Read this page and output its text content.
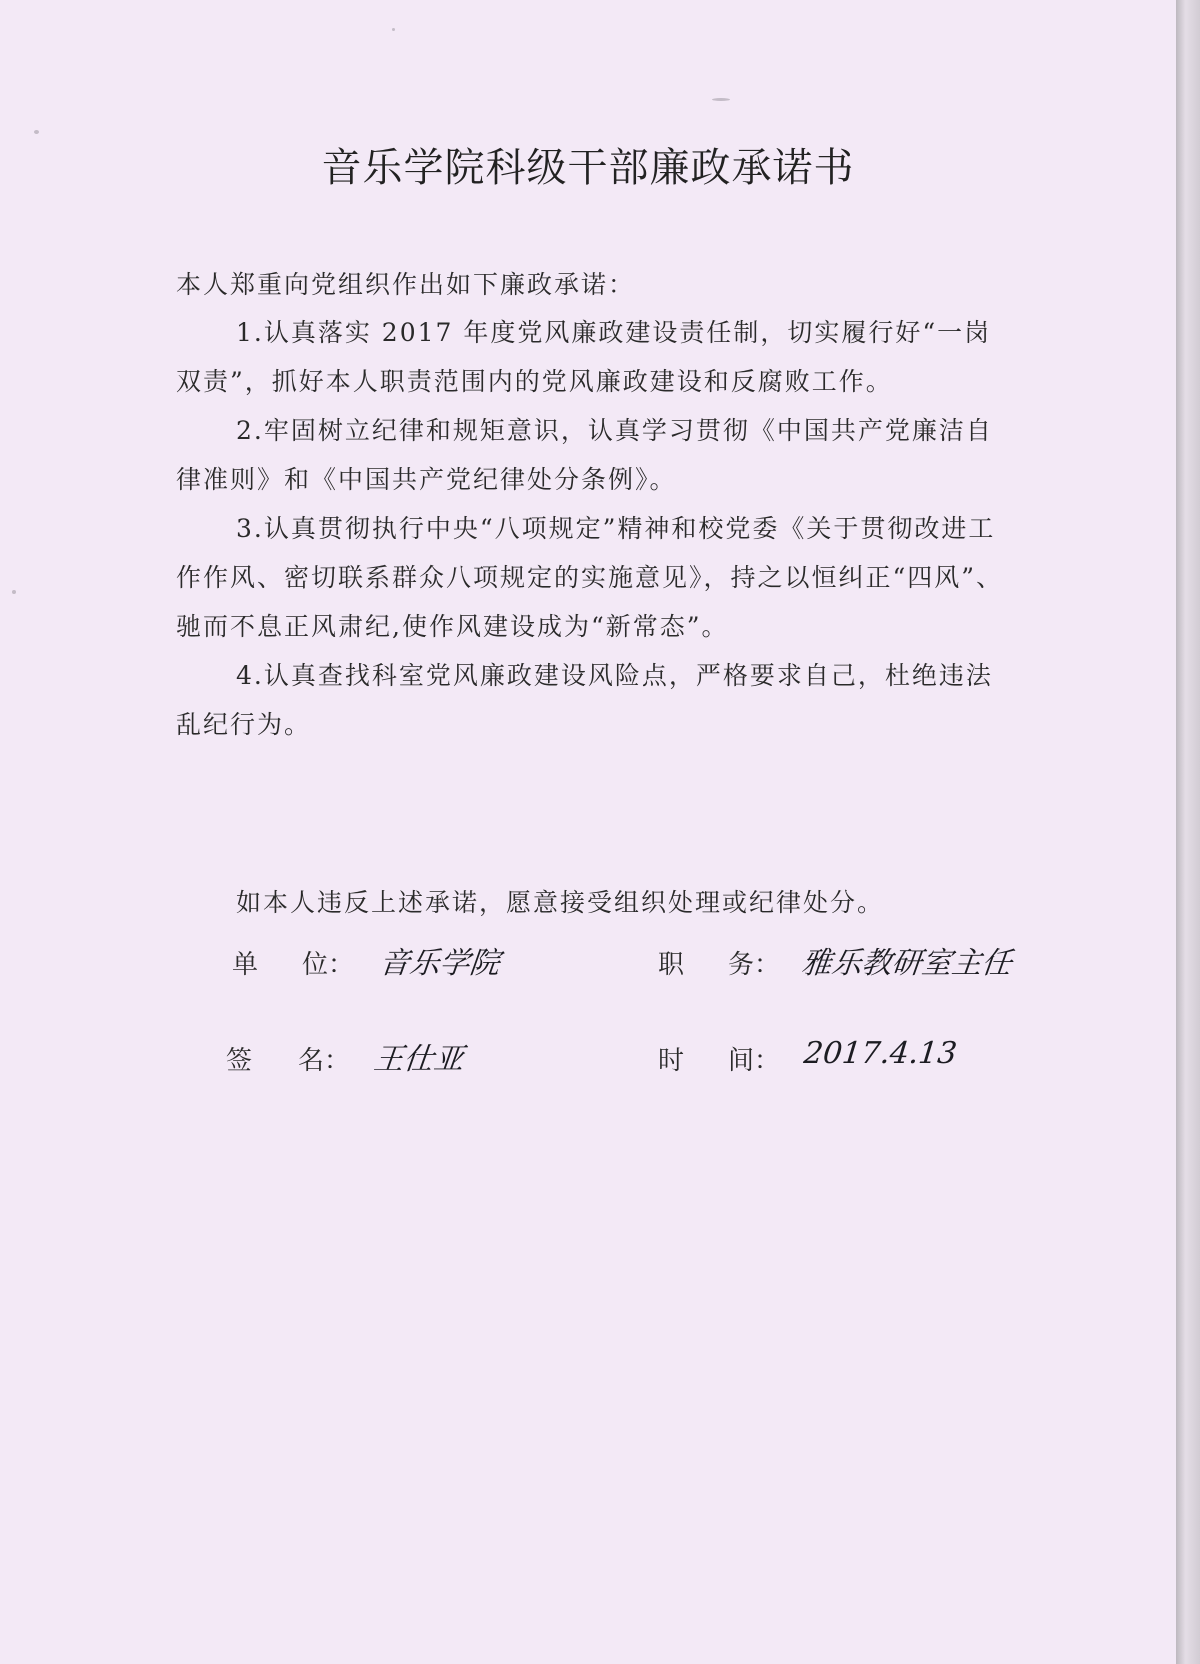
音乐学院科级干部廉政承诺书
本人郑重向党组织作出如下廉政承诺：

1.认真落实 2017 年度党风廉政建设责任制，切实履行好“一岗双责”，抓好本人职责范围内的党风廉政建设和反腐败工作。

2.牢固树立纪律和规矩意识，认真学习贯彻《中国共产党廉洁自律准则》和《中国共产党纪律处分条例》。

3.认真贯彻执行中央“八项规定”精神和校党委《关于贯彻改进工作作风、密切联系群众八项规定的实施意见》，持之以恒纠正“四风”、驰而不息正风肃纪,使作风建设成为“新常态”。

4.认真查找科室党风廉政建设风险点，严格要求自己，杜绝违法乱纪行为。

如本人违反上述承诺，愿意接受组织处理或纪律处分。
单 位： 音乐学院	职 务： 雅乐教研室主任
签 名： 王仕亚	时 间： 2017.4.13
